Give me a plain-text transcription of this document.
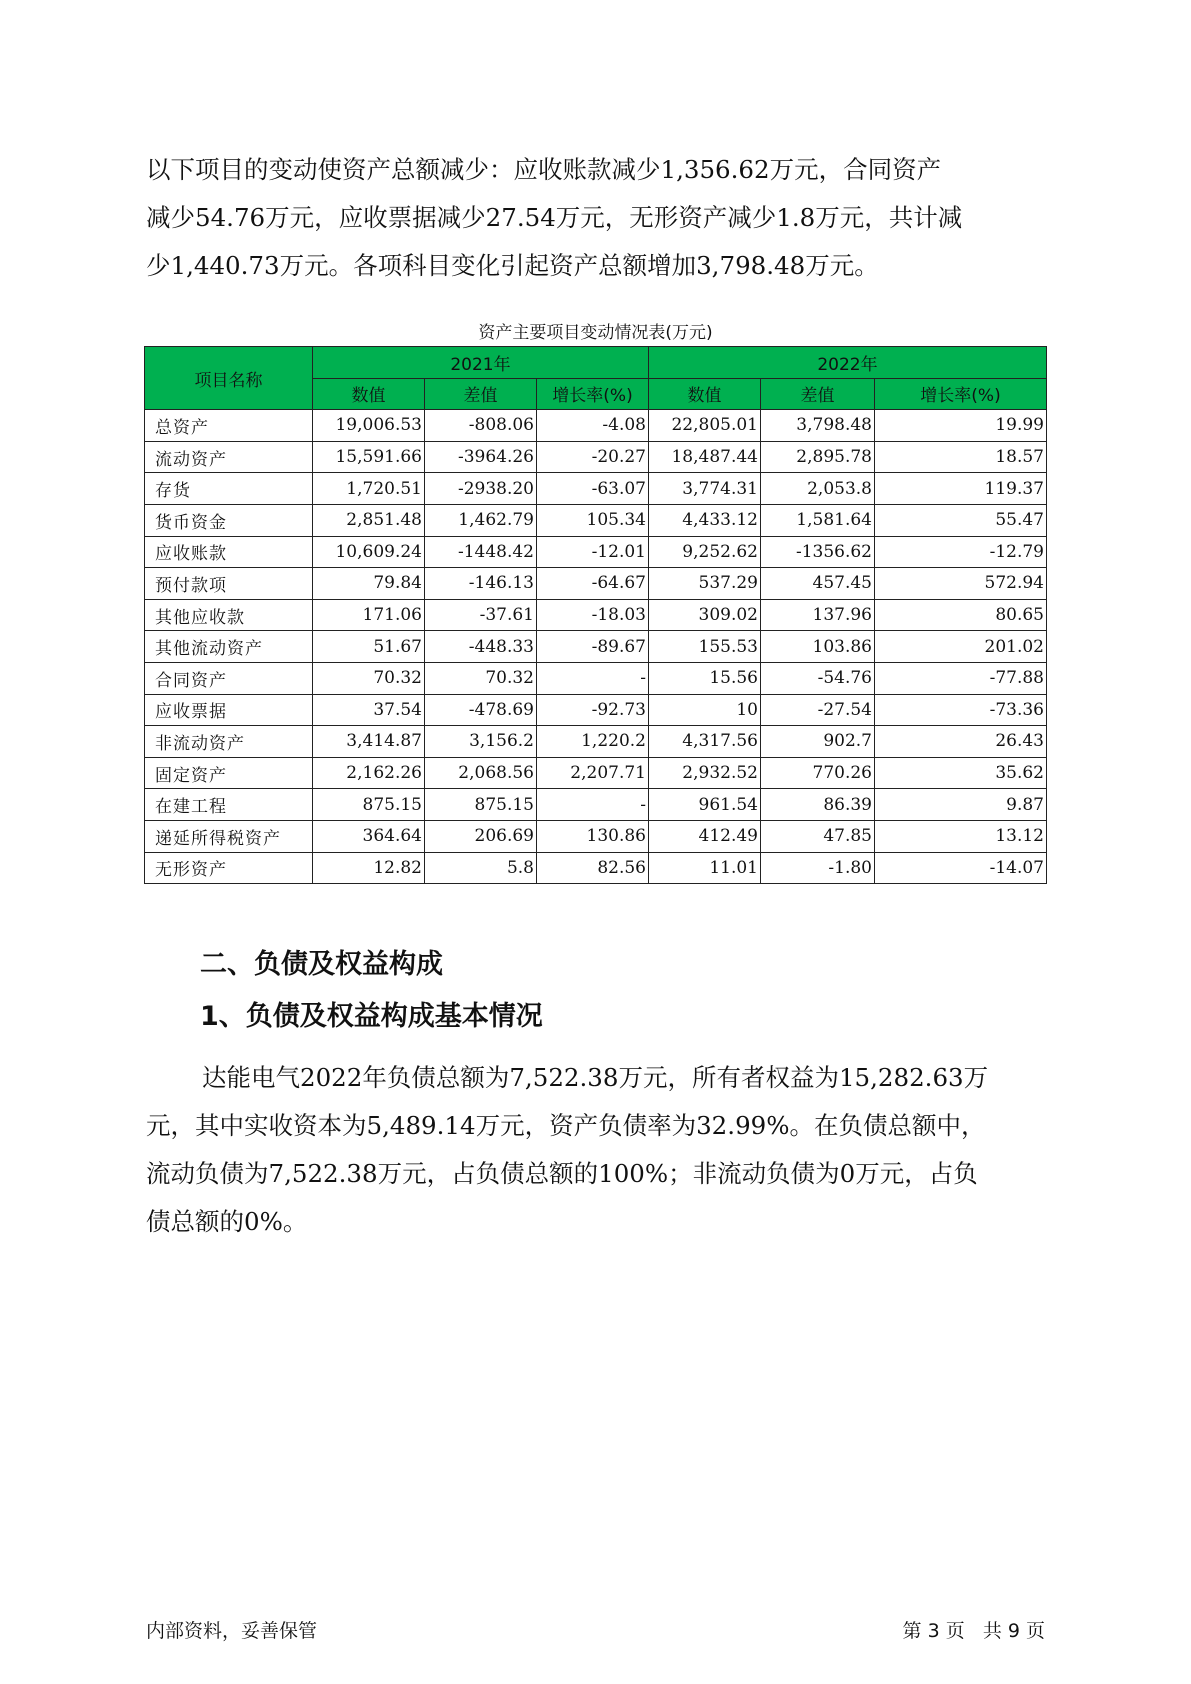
以下项目的变动使资产总额减少：应收账款减少1,356.62万元，合同资产

减少54.76万元，应收票据减少27.54万元，无形资产减少1.8万元，共计减

少1,440.73万元。各项科目变化引起资产总额增加3,798.48万元。

资产主要项目变动情况表(万元)
项目名称	2021年			2022年		
	数值	差值	增长率(%)	数值	差值	增长率(%)
总资产	19,006.53	-808.06	-4.08	22,805.01	3,798.48	19.99
流动资产	15,591.66	-3964.26	-20.27	18,487.44	2,895.78	18.57
存货	1,720.51	-2938.20	-63.07	3,774.31	2,053.8	119.37
货币资金	2,851.48	1,462.79	105.34	4,433.12	1,581.64	55.47
应收账款	10,609.24	-1448.42	-12.01	9,252.62	-1356.62	-12.79
预付款项	79.84	-146.13	-64.67	537.29	457.45	572.94
其他应收款	171.06	-37.61	-18.03	309.02	137.96	80.65
其他流动资产	51.67	-448.33	-89.67	155.53	103.86	201.02
合同资产	70.32	70.32	-	15.56	-54.76	-77.88
应收票据	37.54	-478.69	-92.73	10	-27.54	-73.36
非流动资产	3,414.87	3,156.2	1,220.2	4,317.56	902.7	26.43
固定资产	2,162.26	2,068.56	2,207.71	2,932.52	770.26	35.62
在建工程	875.15	875.15	-	961.54	86.39	9.87
递延所得税资产	364.64	206.69	130.86	412.49	47.85	13.12
无形资产	12.82	5.8	82.56	11.01	-1.80	-14.07
二、负债及权益构成
1、负债及权益构成基本情况

达能电气2022年负债总额为7,522.38万元，所有者权益为15,282.63万

元，其中实收资本为5,489.14万元，资产负债率为32.99%。在负债总额中，

流动负债为7,522.38万元，占负债总额的100%；非流动负债为0万元，占负

债总额的0%。

内部资料，妥善保管	第 3 页   共 9 页
